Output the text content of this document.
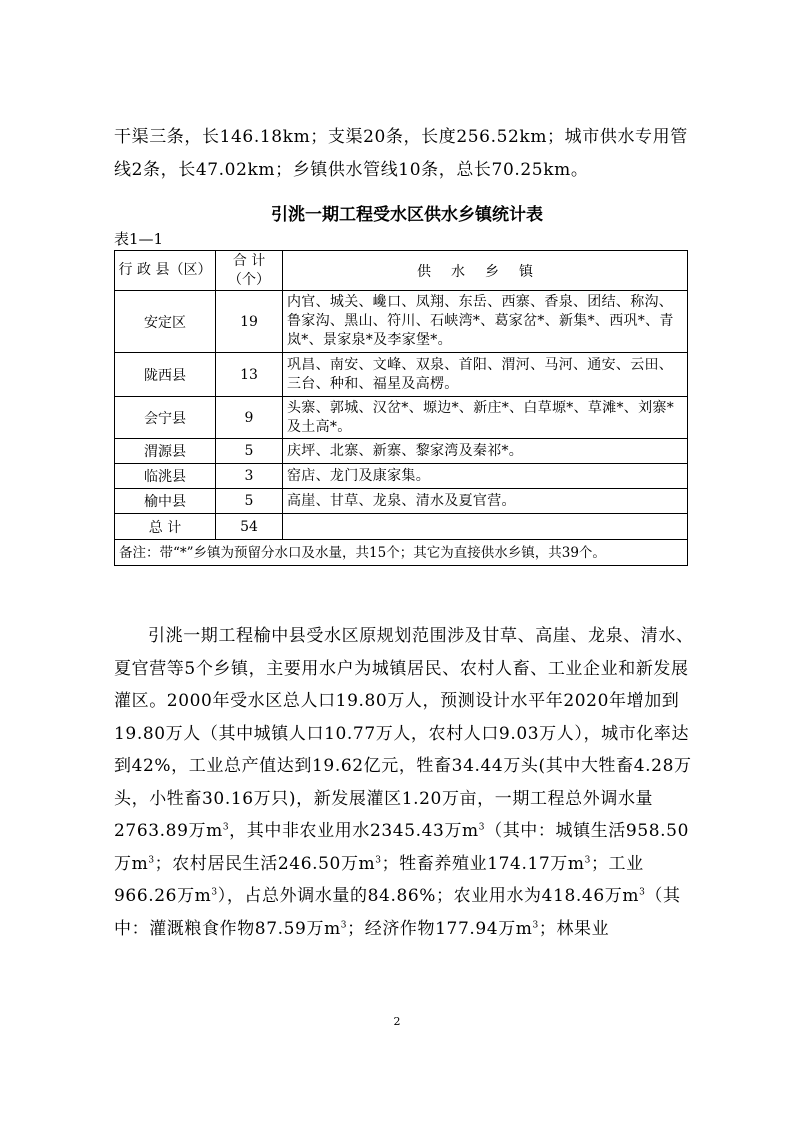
干渠三条，长146.18km；支渠20条，长度256.52km；城市供水专用管线2条，长47.02km；乡镇供水管线10条，总长70.25km。

引洮一期工程受水区供水乡镇统计表
表1—1
行 政 县（区）	合 计 （个）	供水乡镇
安定区	19	内官、城关、巉口、凤翔、东岳、西寨、香泉、团结、称沟、鲁家沟、黑山、符川、石峡湾*、葛家岔*、新集*、西巩*、青岚*、景家泉*及李家堡*。
陇西县	13	巩昌、南安、文峰、双泉、首阳、渭河、马河、通安、云田、三台、种和、福星及高楞。
会宁县	9	头寨、郭城、汉岔*、塬边*、新庄*、白草塬*、草滩*、刘寨*及土高*。
渭源县	5	庆坪、北寨、新寨、黎家湾及秦祁*。
临洮县	3	窑店、龙门及康家集。
榆中县	5	高崖、甘草、龙泉、清水及夏官营。
总 计	54	
备注：带“*”乡镇为预留分水口及水量，共15个；其它为直接供水乡镇，共39个。		

引洮一期工程榆中县受水区原规划范围涉及甘草、高崖、龙泉、清水、夏官营等5个乡镇，主要用水户为城镇居民、农村人畜、工业企业和新发展灌区。2000年受水区总人口19.80万人，预测设计水平年2020年增加到19.80万人（其中城镇人口10.77万人，农村人口9.03万人），城市化率达到42%，工业总产值达到19.62亿元，牲畜34.44万头(其中大牲畜4.28万头，小牲畜30.16万只)，新发展灌区1.20万亩，一期工程总外调水量2763.89万$m^3$，其中非农业用水2345.43万$m^3$（其中：城镇生活958.50万$m^3$；农村居民生活246.50万$m^3$；牲畜养殖业174.17万$m^3$；工业966.26万$m^3$），占总外调水量的84.86%；农业用水为418.46万$m^3$（其中：灌溉粮食作物87.59万$m^3$；经济作物177.94万$m^3$；林果业

2
